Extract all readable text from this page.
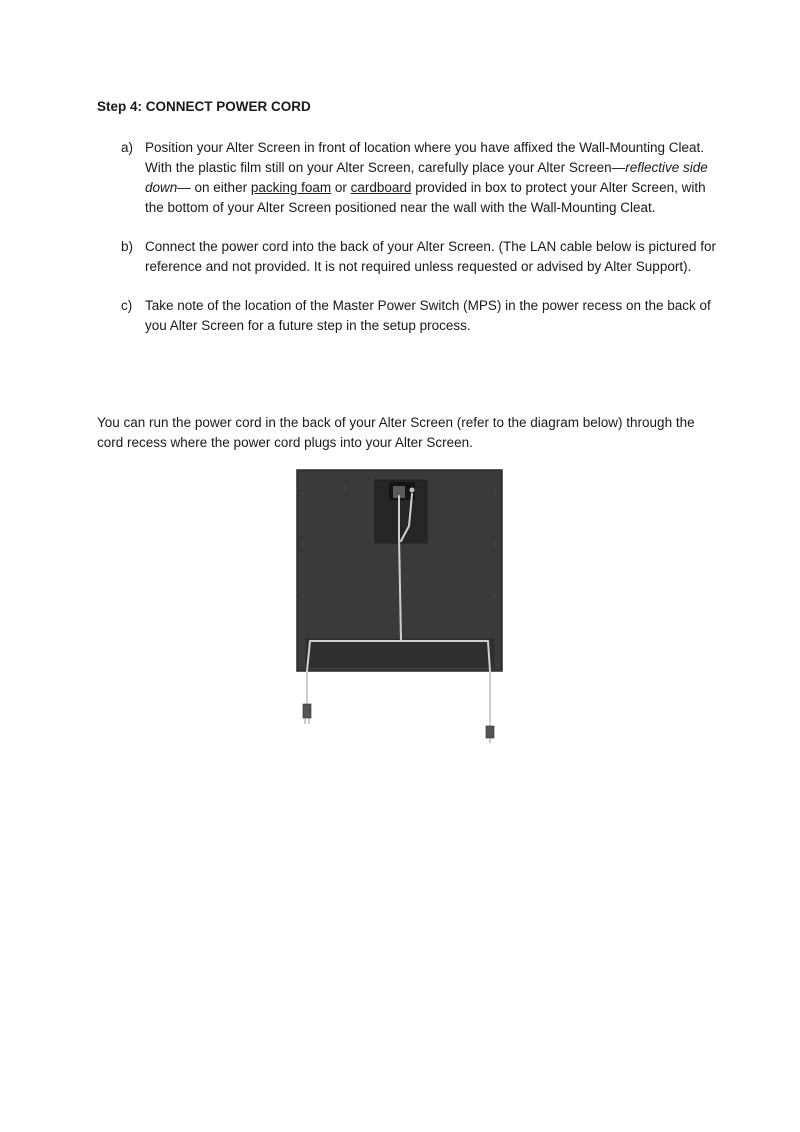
Step 4: CONNECT POWER CORD
a) Position your Alter Screen in front of location where you have affixed the Wall-Mounting Cleat. With the plastic film still on your Alter Screen, carefully place your Alter Screen—reflective side down— on either packing foam or cardboard provided in box to protect your Alter Screen, with the bottom of your Alter Screen positioned near the wall with the Wall-Mounting Cleat.

b) Connect the power cord into the back of your Alter Screen. (The LAN cable below is pictured for reference and not provided. It is not required unless requested or advised by Alter Support).

c) Take note of the location of the Master Power Switch (MPS) in the power recess on the back of you Alter Screen for a future step in the setup process.

You can run the power cord in the back of your Alter Screen (refer to the diagram below) through the cord recess where the power cord plugs into your Alter Screen.
